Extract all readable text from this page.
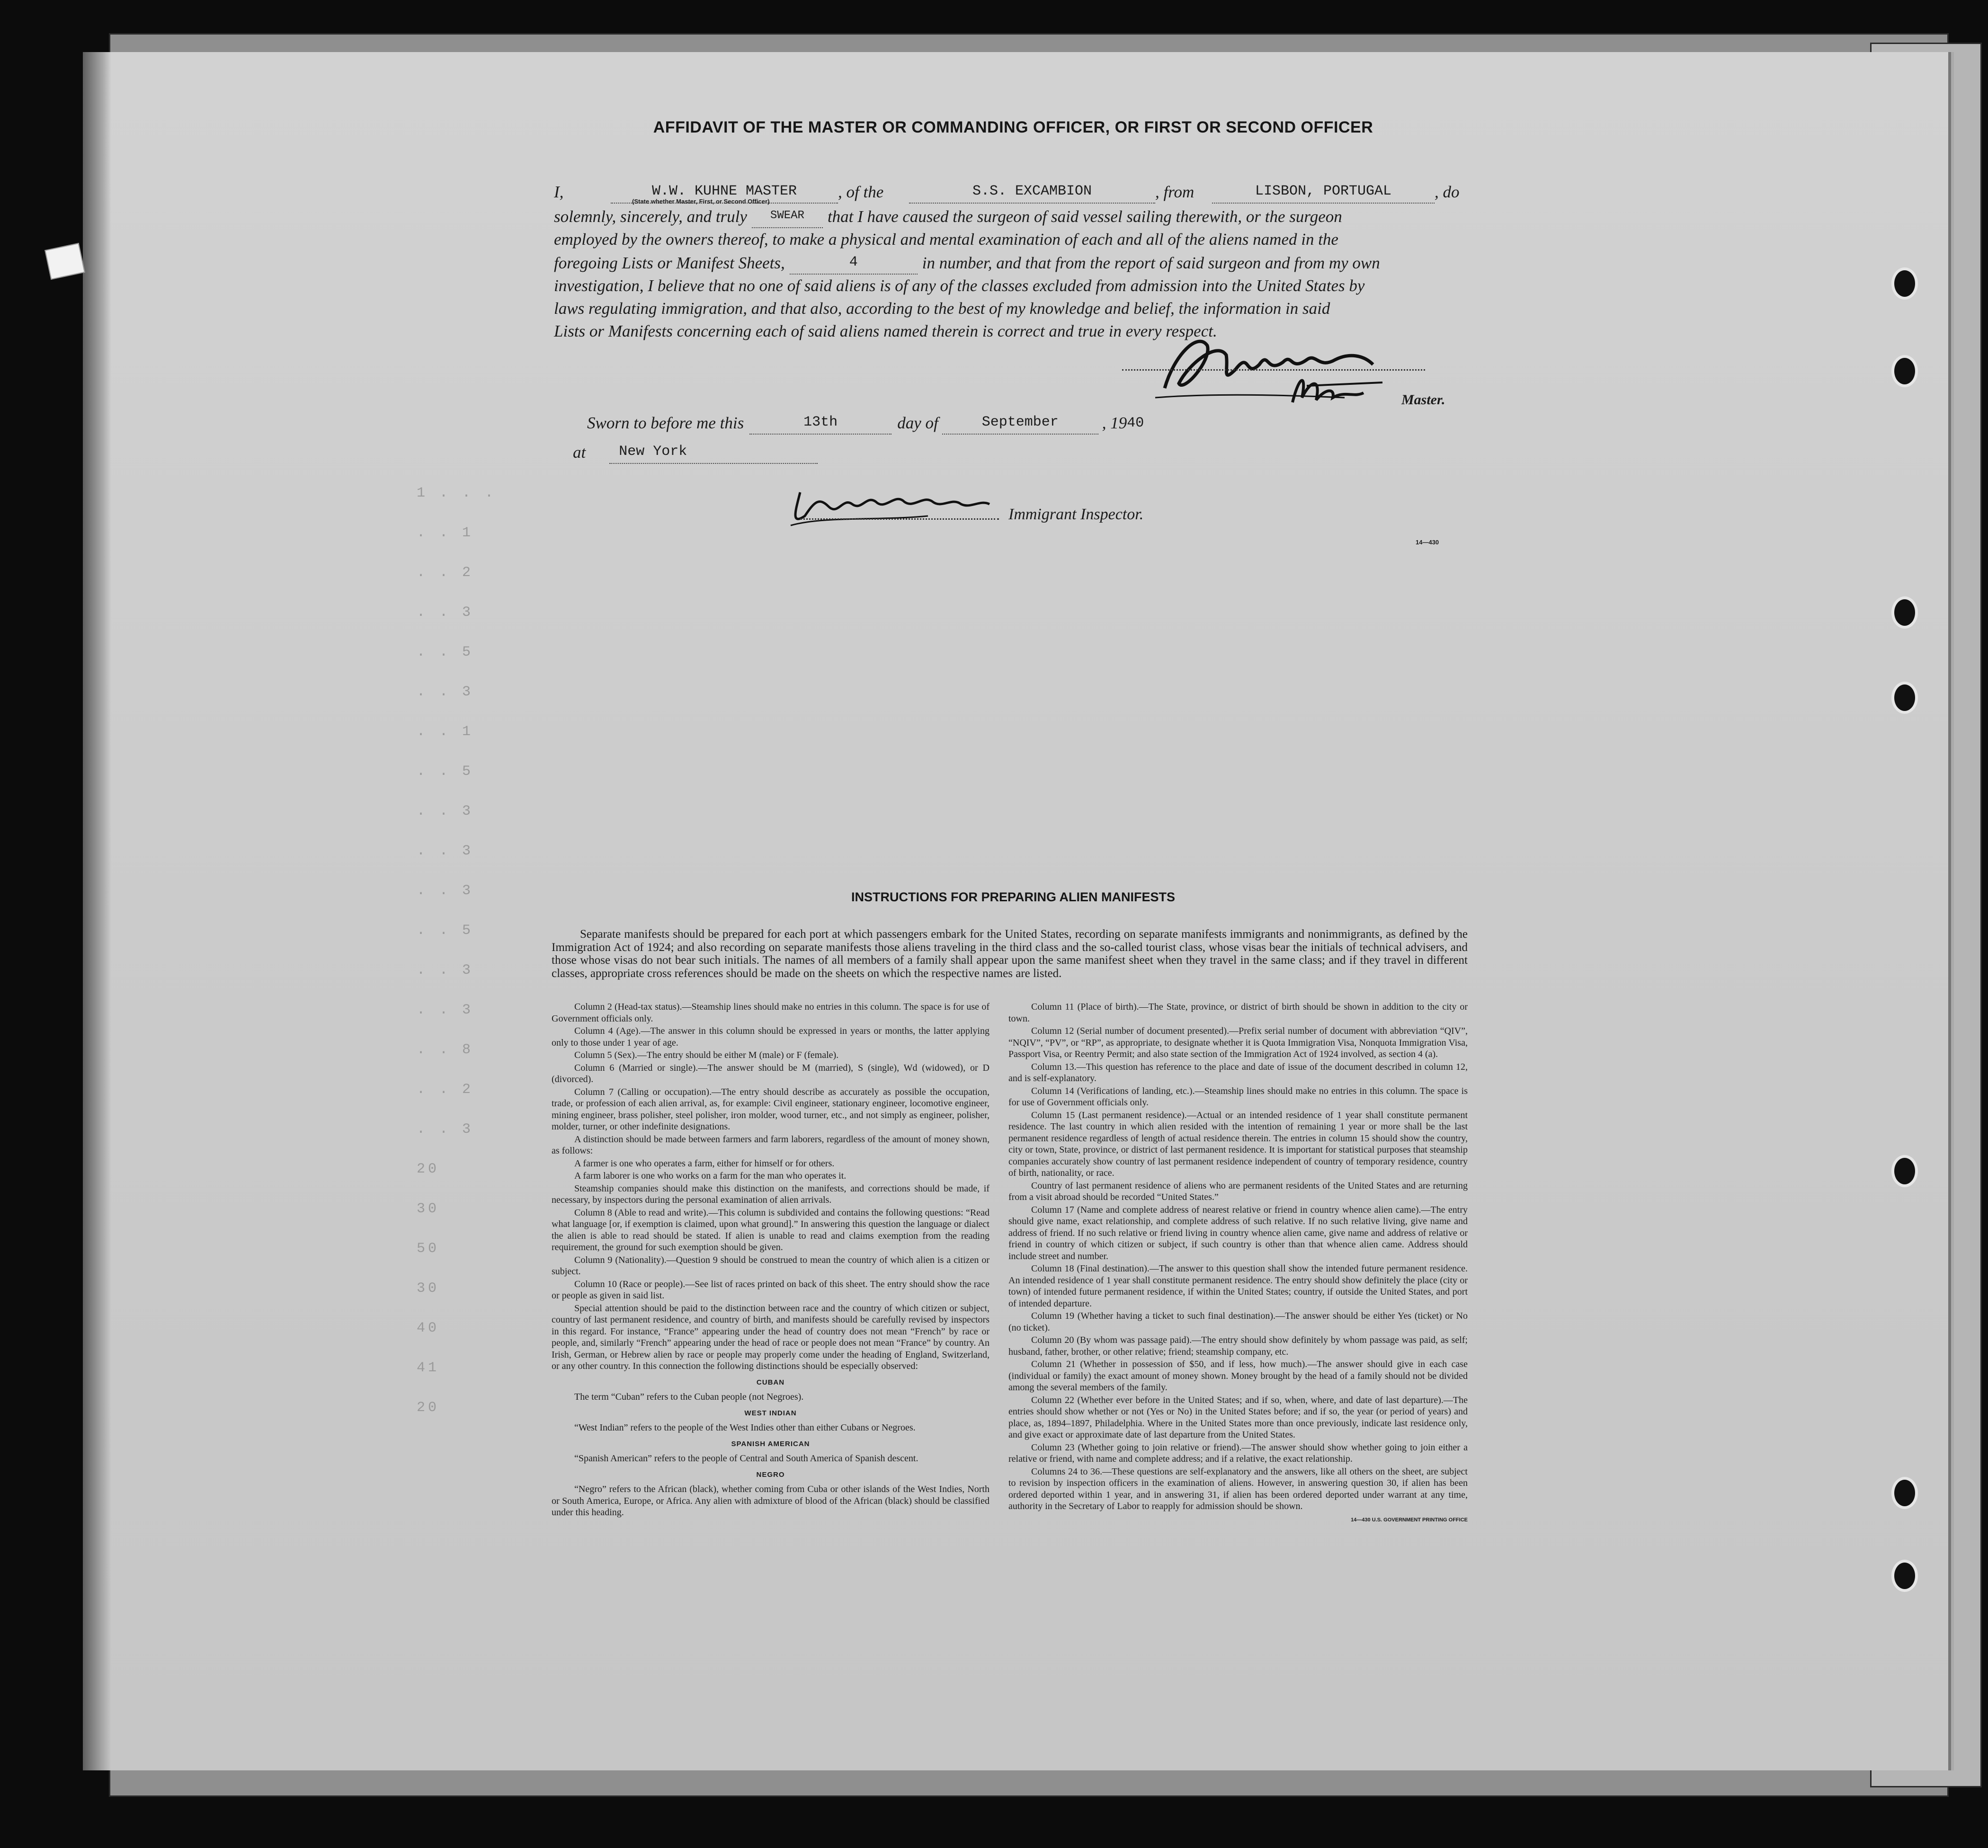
1 . . .
. . 1
. . 2
. . 3
. . 5
. . 3
. . 1
. . 5
. . 3
. . 3
. . 3
. . 5
. . 3
. . 3
. . 8
. . 2
. . 3
20
30
50
30
40
41
20
AFFIDAVIT OF THE MASTER OR COMMANDING OFFICER, OR FIRST OR SECOND OFFICER
I,	W.W. KUHNE MASTER	, of the	S.S. EXCAMBION	, from	LISBON, PORTUGAL	, do
solemnly, sincerely, and truly	SWEAR	that I have caused the surgeon of said vessel sailing therewith, or the surgeon
employed by the owners thereof, to make a physical and mental examination of each and all of the aliens named in the
foregoing Lists or Manifest Sheets,	4	in number, and that from the report of said surgeon and from my own
investigation, I believe that no one of said aliens is of any of the classes excluded from admission into the United States by
laws regulating immigration, and that also, according to the best of my knowledge and belief, the information in said
Lists or Manifests concerning each of said aliens named therein is correct and true in every respect.
(State whether Master, First, or Second Officer)
Master.
Sworn to before me this	13th	day of	September	, 19 40
at	New York
Immigrant Inspector.
14—430
INSTRUCTIONS FOR PREPARING ALIEN MANIFESTS

Separate manifests should be prepared for each port at which passengers embark for the United States, recording on separate manifests immigrants and nonimmigrants, as defined by the Immigration Act of 1924; and also recording on separate manifests those aliens traveling in the third class and the so-called tourist class, whose visas bear the initials of technical advisers, and those whose visas do not bear such initials. The names of all members of a family shall appear upon the same manifest sheet when they travel in the same class; and if they travel in different classes, appropriate cross references should be made on the sheets on which the respective names are listed.

Column 2 (Head-tax status).—Steamship lines should make no entries in this column. The space is for use of Government officials only.

Column 4 (Age).—The answer in this column should be expressed in years or months, the latter applying only to those under 1 year of age.

Column 5 (Sex).—The entry should be either M (male) or F (female).

Column 6 (Married or single).—The answer should be M (married), S (single), Wd (widowed), or D (divorced).

Column 7 (Calling or occupation).—The entry should describe as accurately as possible the occupation, trade, or profession of each alien arrival, as, for example: Civil engineer, stationary engineer, locomotive engineer, mining engineer, brass polisher, steel polisher, iron molder, wood turner, etc., and not simply as engineer, polisher, molder, turner, or other indefinite designations.

A distinction should be made between farmers and farm laborers, regardless of the amount of money shown, as follows:

A farmer is one who operates a farm, either for himself or for others.

A farm laborer is one who works on a farm for the man who operates it.

Steamship companies should make this distinction on the manifests, and corrections should be made, if necessary, by inspectors during the personal examination of alien arrivals.

Column 8 (Able to read and write).—This column is subdivided and contains the following questions: “Read what language [or, if exemption is claimed, upon what ground].” In answering this question the language or dialect the alien is able to read should be stated. If alien is unable to read and claims exemption from the reading requirement, the ground for such exemption should be given.

Column 9 (Nationality).—Question 9 should be construed to mean the country of which alien is a citizen or subject.

Column 10 (Race or people).—See list of races printed on back of this sheet. The entry should show the race or people as given in said list.

Special attention should be paid to the distinction between race and the country of which citizen or subject, country of last permanent residence, and country of birth, and manifests should be carefully revised by inspectors in this regard. For instance, “France” appearing under the head of country does not mean “French” by race or people, and, similarly “French” appearing under the head of race or people does not mean “France” by country. An Irish, German, or Hebrew alien by race or people may properly come under the heading of England, Switzerland, or any other country. In this connection the following distinctions should be especially observed:

CUBAN

The term “Cuban” refers to the Cuban people (not Negroes).

WEST INDIAN

“West Indian” refers to the people of the West Indies other than either Cubans or Negroes.

SPANISH AMERICAN

“Spanish American” refers to the people of Central and South America of Spanish descent.

NEGRO

“Negro” refers to the African (black), whether coming from Cuba or other islands of the West Indies, North or South America, Europe, or Africa. Any alien with admixture of blood of the African (black) should be classified under this heading.

Column 11 (Place of birth).—The State, province, or district of birth should be shown in addition to the city or town.

Column 12 (Serial number of document presented).—Prefix serial number of document with abbreviation “QIV”, “NQIV”, “PV”, or “RP”, as appropriate, to designate whether it is Quota Immigration Visa, Nonquota Immigration Visa, Passport Visa, or Reentry Permit; and also state section of the Immigration Act of 1924 involved, as section 4 (a).

Column 13.—This question has reference to the place and date of issue of the document described in column 12, and is self-explanatory.

Column 14 (Verifications of landing, etc.).—Steamship lines should make no entries in this column. The space is for use of Government officials only.

Column 15 (Last permanent residence).—Actual or an intended residence of 1 year shall constitute permanent residence. The last country in which alien resided with the intention of remaining 1 year or more shall be the last permanent residence regardless of length of actual residence therein. The entries in column 15 should show the country, city or town, State, province, or district of last permanent residence. It is important for statistical purposes that steamship companies accurately show country of last permanent residence independent of country of temporary residence, country of birth, nationality, or race.

Country of last permanent residence of aliens who are permanent residents of the United States and are returning from a visit abroad should be recorded “United States.”

Column 17 (Name and complete address of nearest relative or friend in country whence alien came).—The entry should give name, exact relationship, and complete address of such relative. If no such relative living, give name and address of friend. If no such relative or friend living in country whence alien came, give name and address of relative or friend in country of which citizen or subject, if such country is other than that whence alien came. Address should include street and number.

Column 18 (Final destination).—The answer to this question shall show the intended future permanent residence. An intended residence of 1 year shall constitute permanent residence. The entry should show definitely the place (city or town) of intended future permanent residence, if within the United States; country, if outside the United States, and port of intended departure.

Column 19 (Whether having a ticket to such final destination).—The answer should be either Yes (ticket) or No (no ticket).

Column 20 (By whom was passage paid).—The entry should show definitely by whom passage was paid, as self; husband, father, brother, or other relative; friend; steamship company, etc.

Column 21 (Whether in possession of $50, and if less, how much).—The answer should give in each case (individual or family) the exact amount of money shown. Money brought by the head of a family should not be divided among the several members of the family.

Column 22 (Whether ever before in the United States; and if so, when, where, and date of last departure).—The entries should show whether or not (Yes or No) in the United States before; and if so, the year (or period of years) and place, as, 1894–1897, Philadelphia. Where in the United States more than once previously, indicate last residence only, and give exact or approximate date of last departure from the United States.

Column 23 (Whether going to join relative or friend).—The answer should show whether going to join either a relative or friend, with name and complete address; and if a relative, the exact relationship.

Columns 24 to 36.—These questions are self-explanatory and the answers, like all others on the sheet, are subject to revision by inspection officers in the examination of aliens. However, in answering question 30, if alien has been ordered deported within 1 year, and in answering 31, if alien has been ordered deported under warrant at any time, authority in the Secretary of Labor to reapply for admission should be shown.

14—430 U.S. GOVERNMENT PRINTING OFFICE
